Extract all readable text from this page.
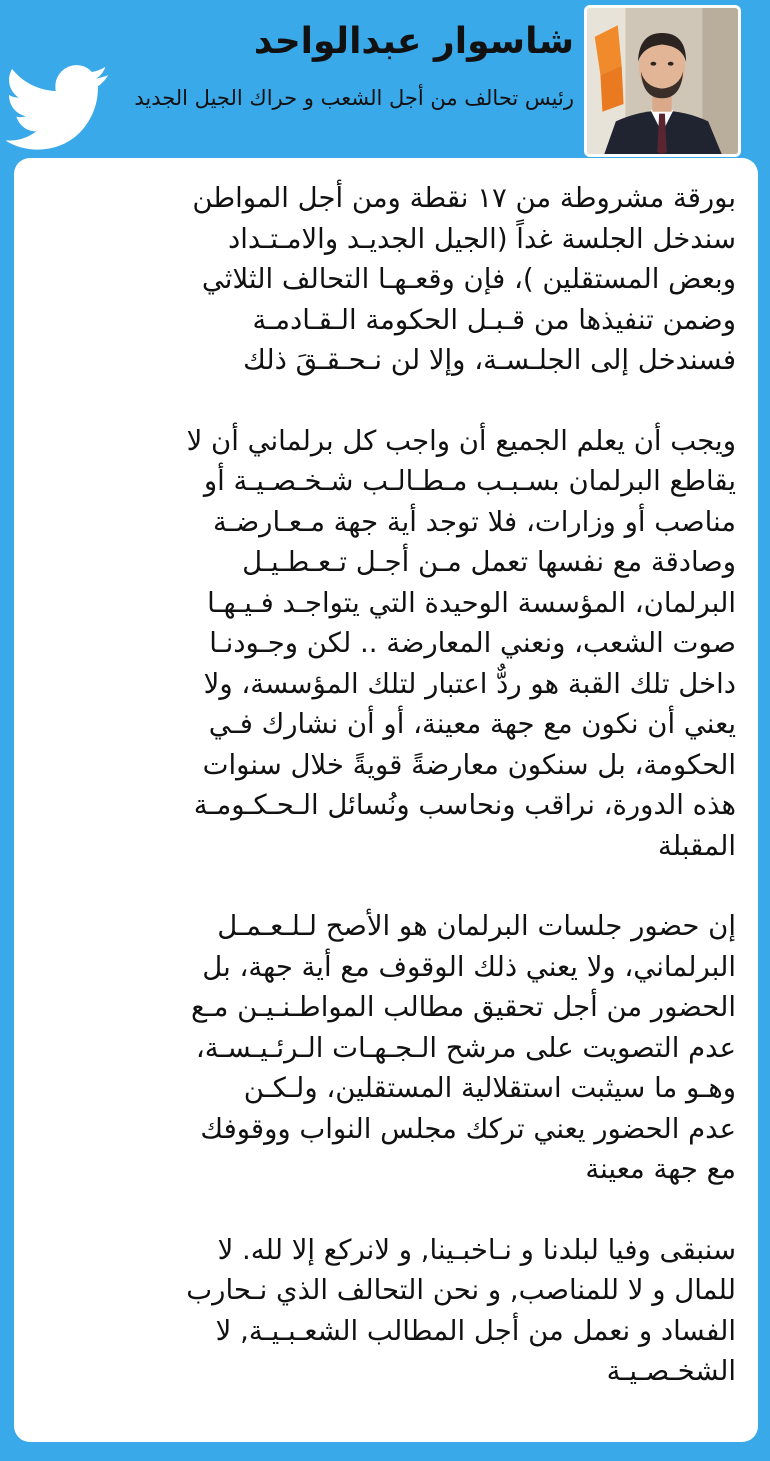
شاسوار عبدالواحد
رئيس تحالف من أجل الشعب و حراك الجيل الجديد
بورقة مشروطة من ١٧ نقطة ومن أجل المواطن
سندخل الجلسة غداً (الجيل الجديـد والامـتـداد
وبعض المستقلين )، فإن وقعـهـا التحالف الثلاثي
وضمن تنفيذها من قـبـل الحكومة الـقـادمـة
فسندخل إلى الجلـسـة، وإلا لن نـحـقـقَ ذلك
ويجب أن يعلم الجميع أن واجب كل برلماني أن لا
يقاطع البرلمان بسـبـب مـطـالـب شـخـصـيـة أو
مناصب أو وزارات، فلا توجد أية جهة مـعـارضـة
وصادقة مع نفسها تعمل مـن أجـل تـعـطـيـل
البرلمان، المؤسسة الوحيدة التي يتواجـد فـيـهـا
صوت الشعب، ونعني المعارضة .. لكن وجـودنـا
داخل تلك القبة هو ردٌّ اعتبار لتلك المؤسسة، ولا
يعني أن نكون مع جهة معينة، أو أن نشارك فـي
الحكومة، بل سنكون معارضةً قويةً خلال سنوات
هذه الدورة، نراقب ونحاسب ونُسائل الـحـكـومـة
المقبلة
إن حضور جلسات البرلمان هو الأصح لـلـعـمـل
البرلماني، ولا يعني ذلك الوقوف مع أية جهة، بل
الحضور من أجل تحقيق مطالب المواطـنـيـن مـع
عدم التصويت على مرشح الـجـهـات الـرئـيـسـة،
وهـو ما سيثبت استقلالية المستقلين، ولـكـن
عدم الحضور يعني تركك مجلس النواب ووقوفك
مع جهة معينة
سنبقى وفيا لبلدنا و نـاخبـينا, و لانركع إلا لله. لا
للمال و لا للمناصب, و نحن التحالف الذي نـحارب
الفساد و نعمل من أجل المطالب الشعـبـيـة, لا
الشخـصـيـة
